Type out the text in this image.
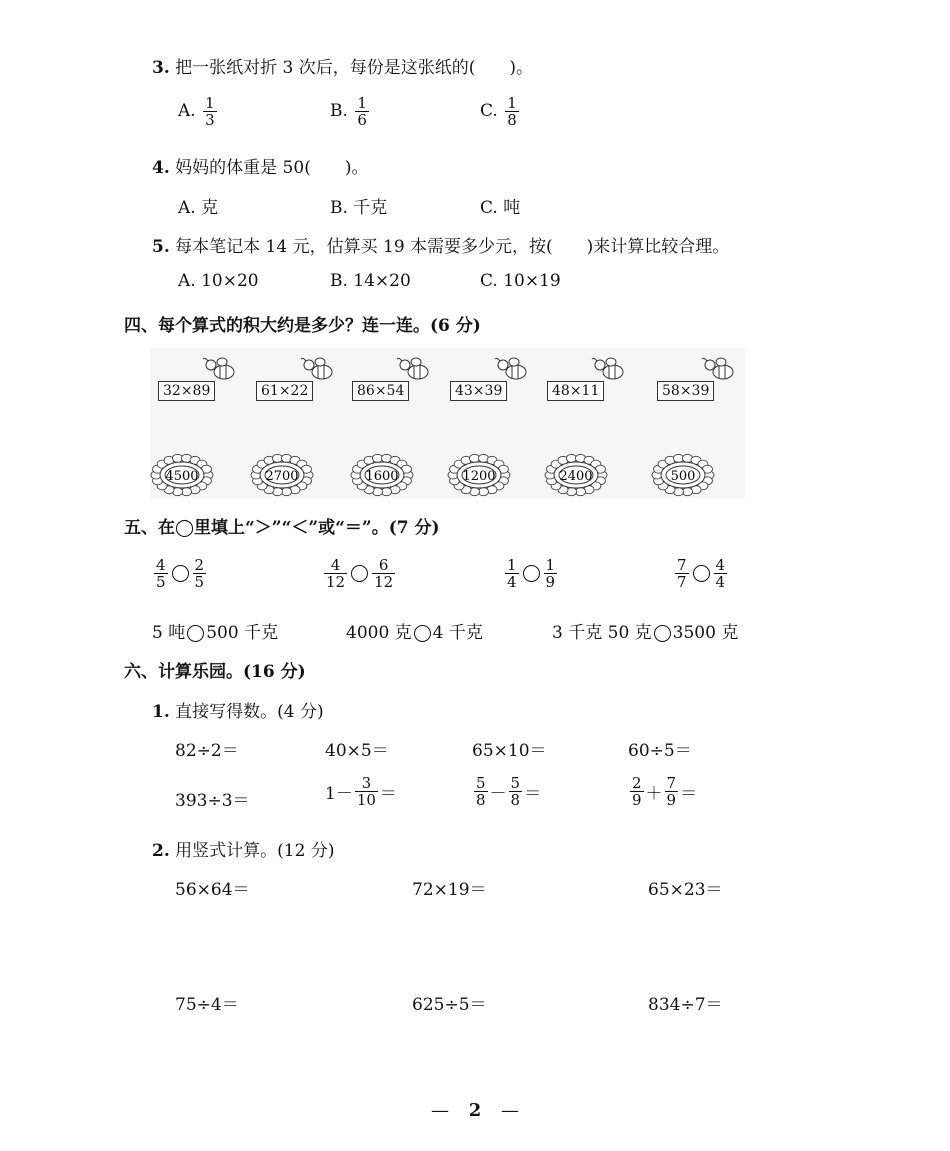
3. 把一张纸对折 3 次后，每份是这张纸的(　　)。
A. $\frac{1}{3}$	B. $\frac{1}{6}$	C. $\frac{1}{8}$
4. 妈妈的体重是 50(　　)。
A. 克	B. 千克	C. 吨
5. 每本笔记本 14 元，估算买 19 本需要多少元，按(　　)来计算比较合理。
A. 10×20	B. 14×20	C. 10×19
四、每个算式的积大约是多少？连一连。(6 分)
32×89	61×22	86×54	43×39	48×11	58×39
4500	2700	1600	1200	2400	500
五、在◯里填上“＞”“＜”或“＝”。(7 分)
$\frac{4}{5} \frac{2}{5}$	$\frac{4}{12} \frac{6}{12}$	$\frac{1}{4} \frac{1}{9}$	$\frac{7}{7} \frac{4}{4}$
5 吨 500 千克	4000 克 4 千克	3 千克 50 克 3500 克
六、计算乐园。(16 分)
1. 直接写得数。(4 分)
82÷2＝	40×5＝	65×10＝	60÷5＝
393÷3＝	$1- \frac{3}{10}$ ＝	$\frac{5}{8} - \frac{5}{8}$ ＝	$\frac{2}{9} + \frac{7}{9}$ ＝
2. 用竖式计算。(12 分)
56×64＝	72×19＝	65×23＝
75÷4＝	625÷5＝	834÷7＝
— 2 —
